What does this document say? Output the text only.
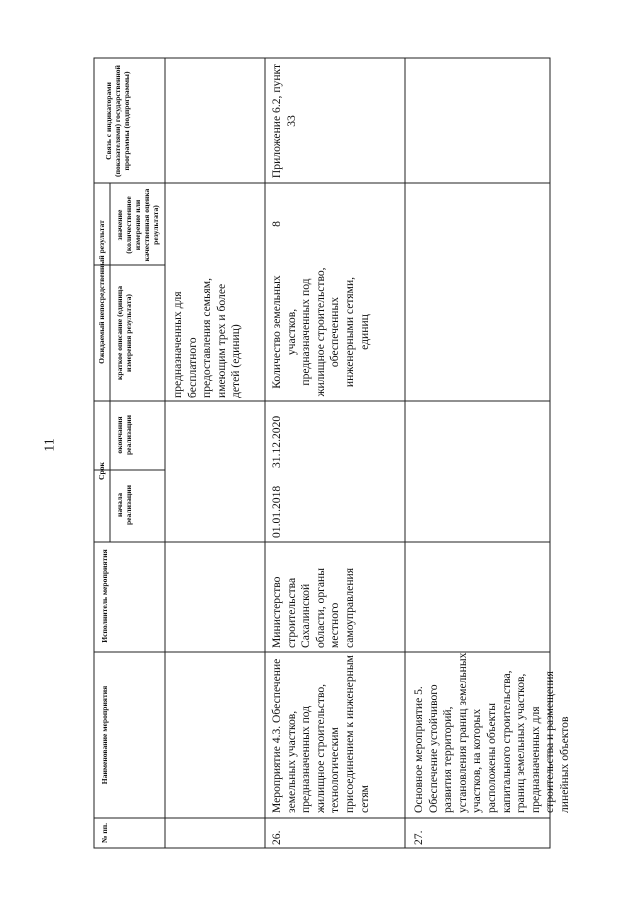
11
№ пп.
Наименование мероприятия
Исполнитель мероприятия
Срок
начала реализации
окончания реализации
Ожидаемый непосредственный результат краткое описание (единица измерения результата)
значение (количественное измерение или качественная оценка результата)
Связь с индикаторами (показателями) государственной программы (подпрограммы)
предназначенных для бесплатного предоставления семьям, имеющим трех и более детей (единиц)
26.
Мероприятие 4.3. Обеспечение земельных участков, предназначенных под жилищное строительство, технологическим присоединением к инженерным сетям
Министерство строительства Сахалинской области, органы местного самоуправления
01.01.2018
31.12.2020
Количество земельных участков, предназначенных под жилищное строительство, обеспеченных инженерными сетями, единиц
8
Приложение 6.2, пункт 33
27.
Основное мероприятие 5. Обеспечение устойчивого развития территорий, установления границ земельных участков, на которых расположены объекты капитального строительства, границ земельных участков, предназначенных для строительства и размещения линейных объектов
